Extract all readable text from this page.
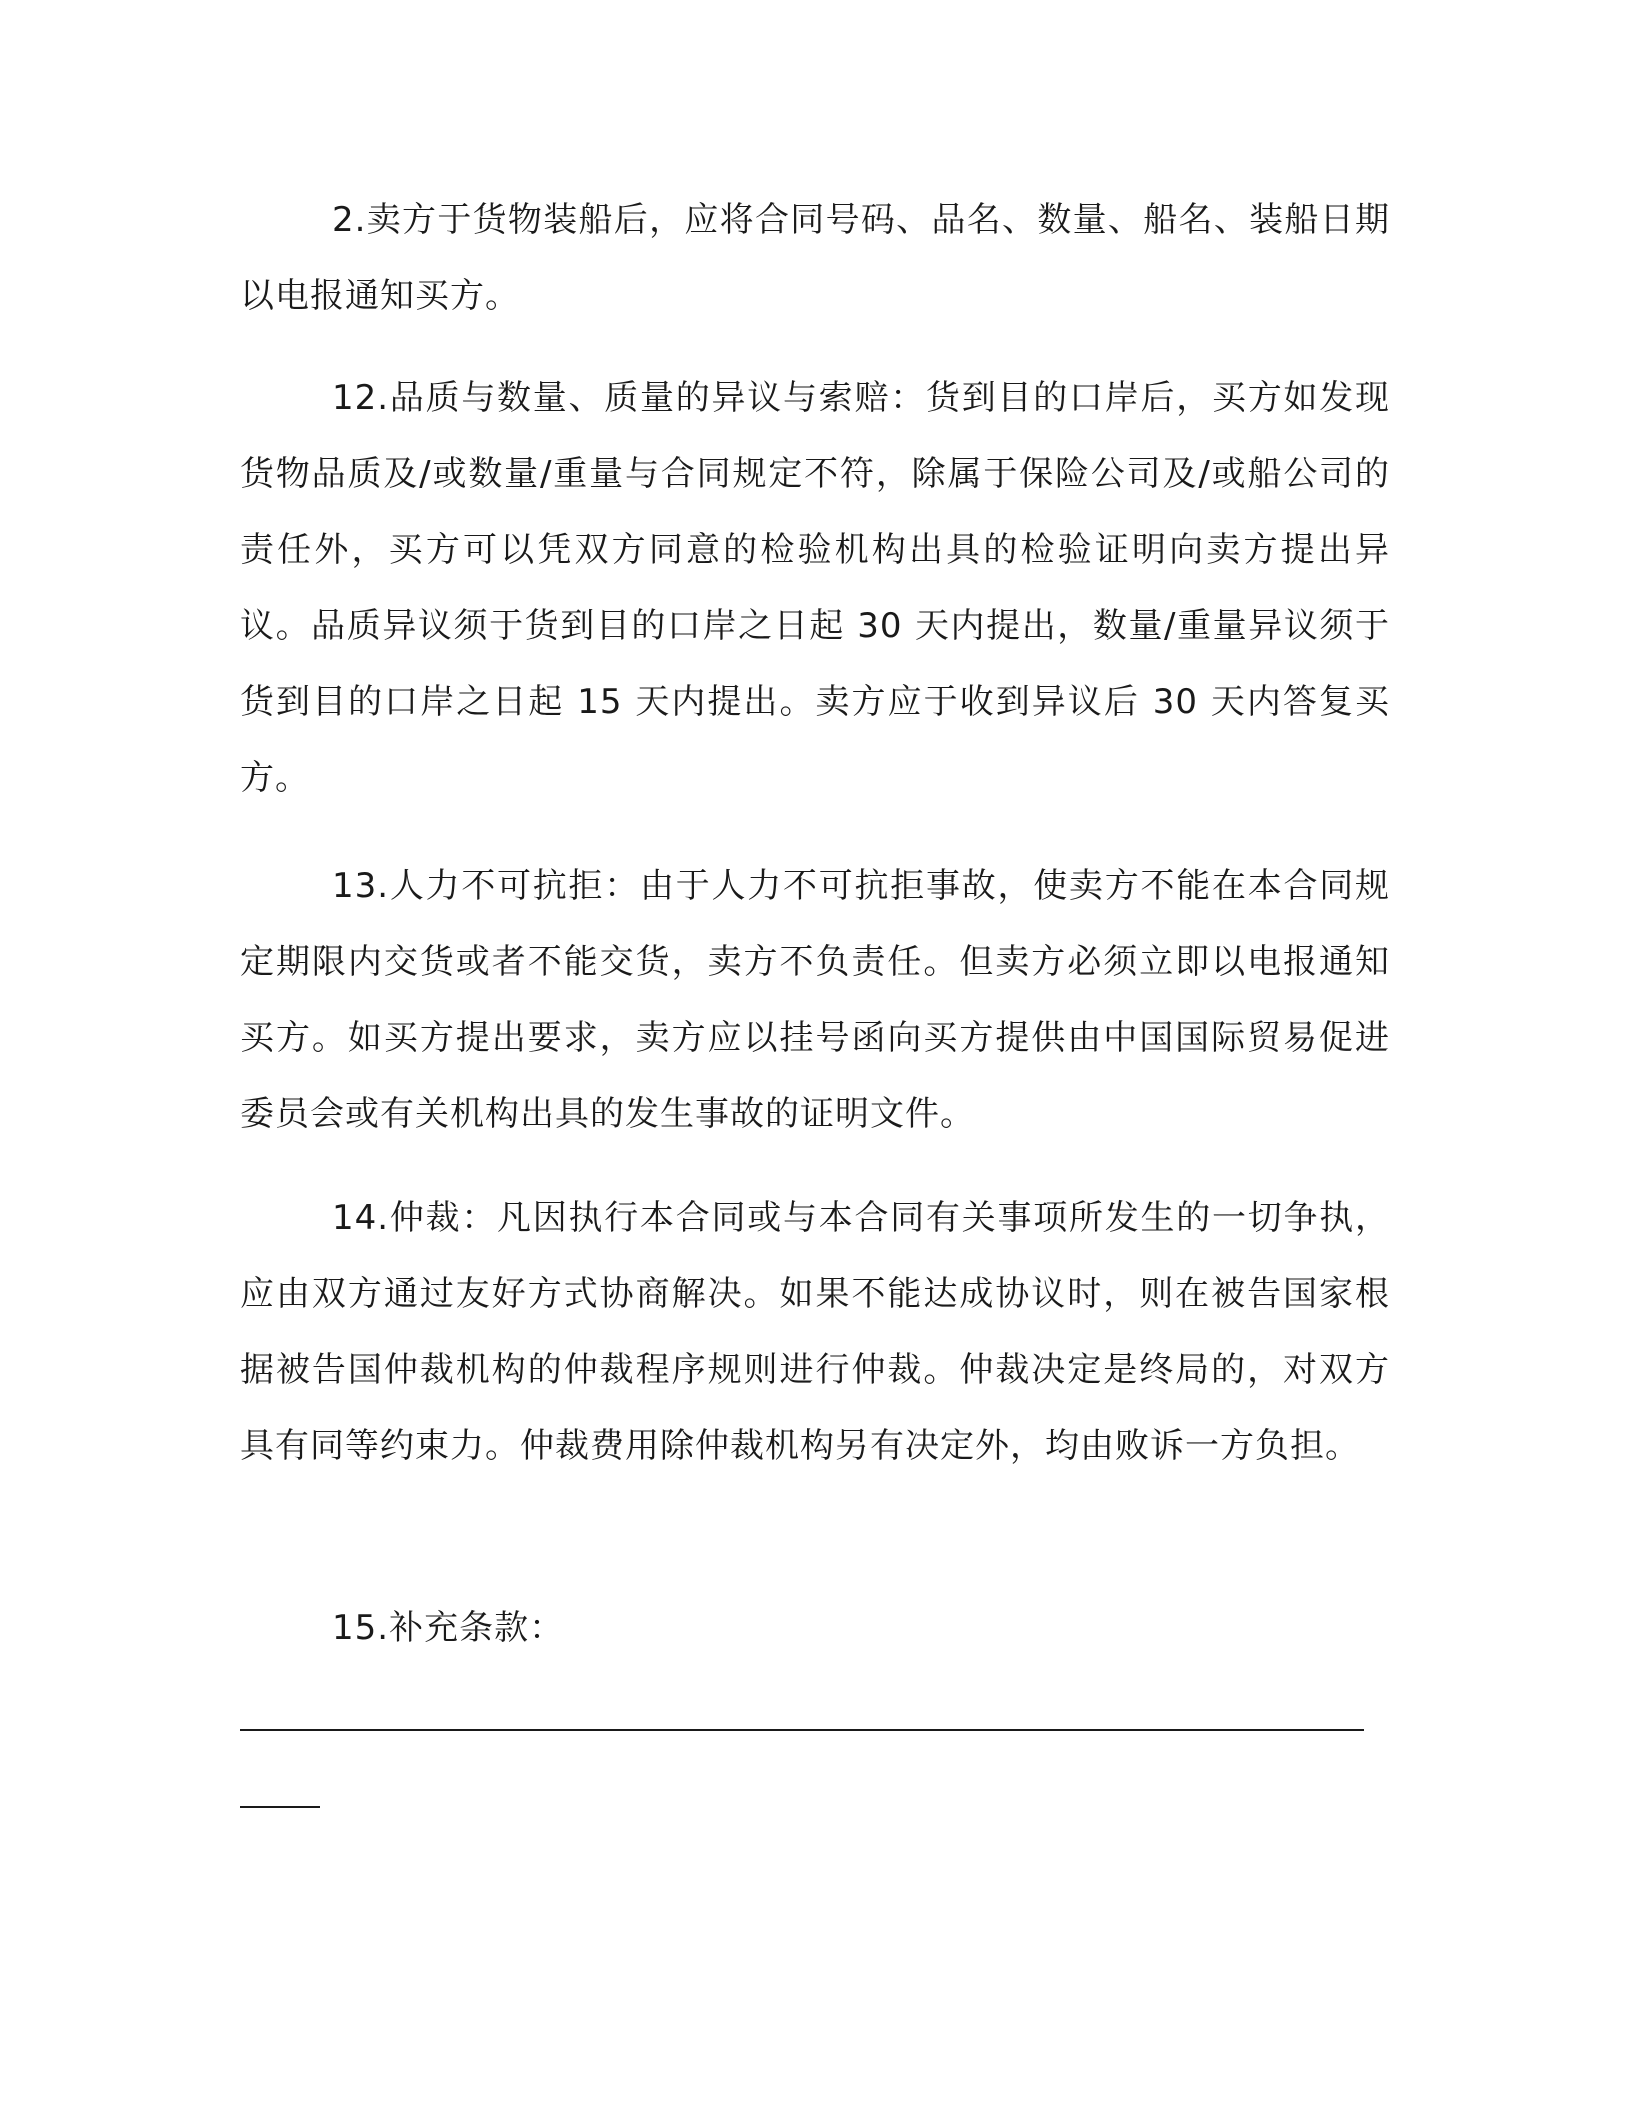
2.卖方于货物装船后，应将合同号码、品名、数量、船名、装船日期以电报通知买方。

12.品质与数量、质量的异议与索赔：货到目的口岸后，买方如发现货物品质及/或数量/重量与合同规定不符，除属于保险公司及/或船公司的责任外，买方可以凭双方同意的检验机构出具的检验证明向卖方提出异议。品质异议须于货到目的口岸之日起 30 天内提出，数量/重量异议须于货到目的口岸之日起 15 天内提出。卖方应于收到异议后 30 天内答复买方。

13.人力不可抗拒：由于人力不可抗拒事故，使卖方不能在本合同规定期限内交货或者不能交货，卖方不负责任。但卖方必须立即以电报通知买方。如买方提出要求，卖方应以挂号函向买方提供由中国国际贸易促进委员会或有关机构出具的发生事故的证明文件。

14.仲裁：凡因执行本合同或与本合同有关事项所发生的一切争执，应由双方通过友好方式协商解决。如果不能达成协议时，则在被告国家根据被告国仲裁机构的仲裁程序规则进行仲裁。仲裁决定是终局的，对双方具有同等约束力。仲裁费用除仲裁机构另有决定外，均由败诉一方负担。

15.补充条款：
